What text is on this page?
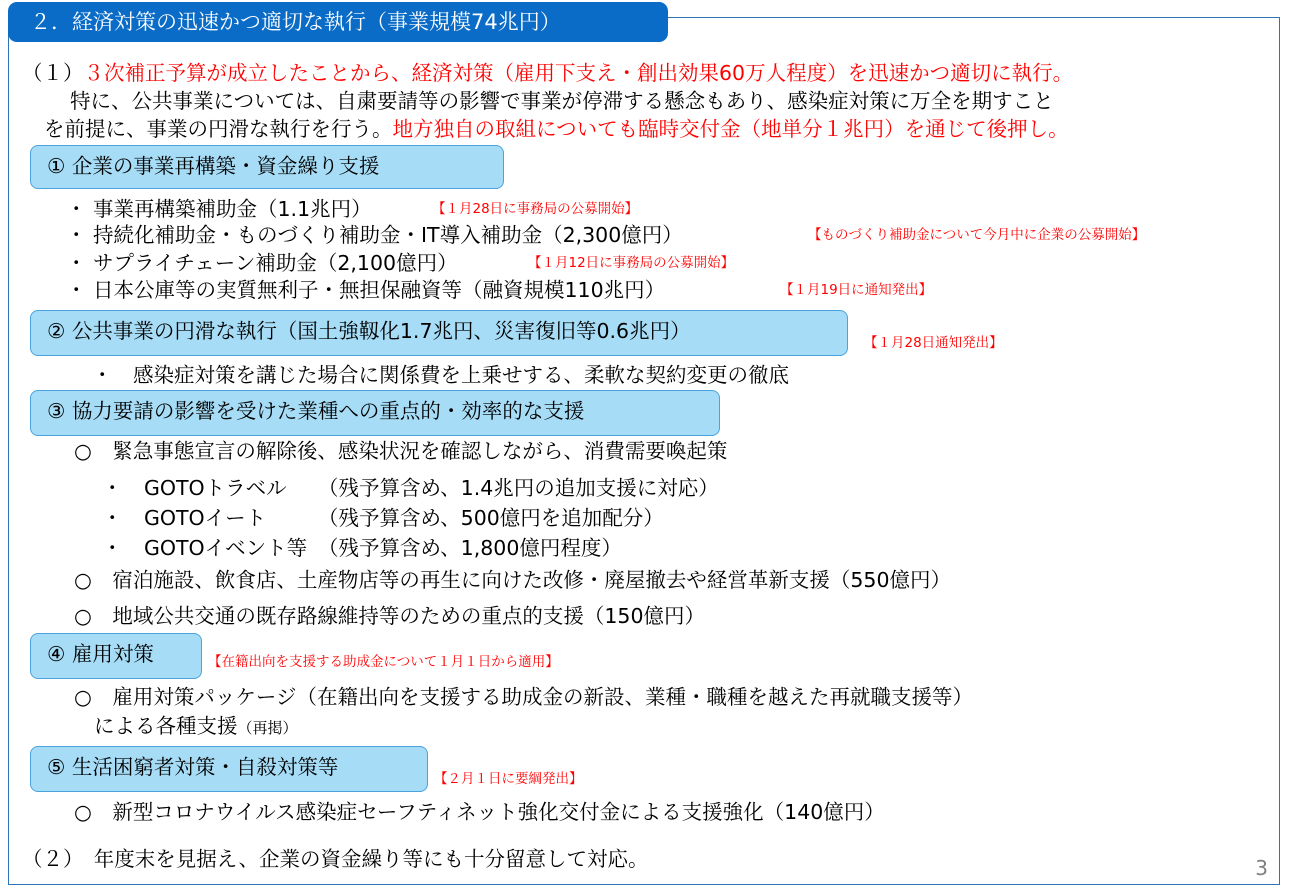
２．経済対策の迅速かつ適切な執行（事業規模74兆円）
（１）３次補正予算が成立したことから、経済対策（雇用下支え・創出効果60万人程度）を迅速かつ適切に執行。
特に、公共事業については、自粛要請等の影響で事業が停滞する懸念もあり、感染症対策に万全を期すこと
を前提に、事業の円滑な執行を行う。地方独自の取組についても臨時交付金（地単分１兆円）を通じて後押し。
① 企業の事業再構築・資金繰り支援
・ 事業再構築補助金（1.1兆円）	【１月28日に事務局の公募開始】
・ 持続化補助金・ものづくり補助金・IT導入補助金（2,300億円）	【ものづくり補助金について今月中に企業の公募開始】
・ サプライチェーン補助金（2,100億円）	【１月12日に事務局の公募開始】
・ 日本公庫等の実質無利子・無担保融資等（融資規模110兆円）	【１月19日に通知発出】
② 公共事業の円滑な執行（国土強靱化1.7兆円、災害復旧等0.6兆円）	【１月28日通知発出】
・　感染症対策を講じた場合に関係費を上乗せする、柔軟な契約変更の徹底
③ 協力要請の影響を受けた業種への重点的・効率的な支援
○　緊急事態宣言の解除後、感染状況を確認しながら、消費需要喚起策
・ GOTOトラベル （残予算含め、1.4兆円の追加支援に対応）
・ GOTOイート	（残予算含め、500億円を追加配分）
・ GOTOイベント等 （残予算含め、1,800億円程度）
○　宿泊施設、飲食店、土産物店等の再生に向けた改修・廃屋撤去や経営革新支援（550億円）
○　地域公共交通の既存路線維持等のための重点的支援（150億円）
④ 雇用対策	【在籍出向を支援する助成金について１月１日から適用】
○　雇用対策パッケージ（在籍出向を支援する助成金の新設、業種・職種を越えた再就職支援等）
による各種支援（再掲）
⑤ 生活困窮者対策・自殺対策等	【２月１日に要綱発出】
○　新型コロナウイルス感染症セーフティネット強化交付金による支援強化（140億円）
（２）　年度末を見据え、企業の資金繰り等にも十分留意して対応。	3
